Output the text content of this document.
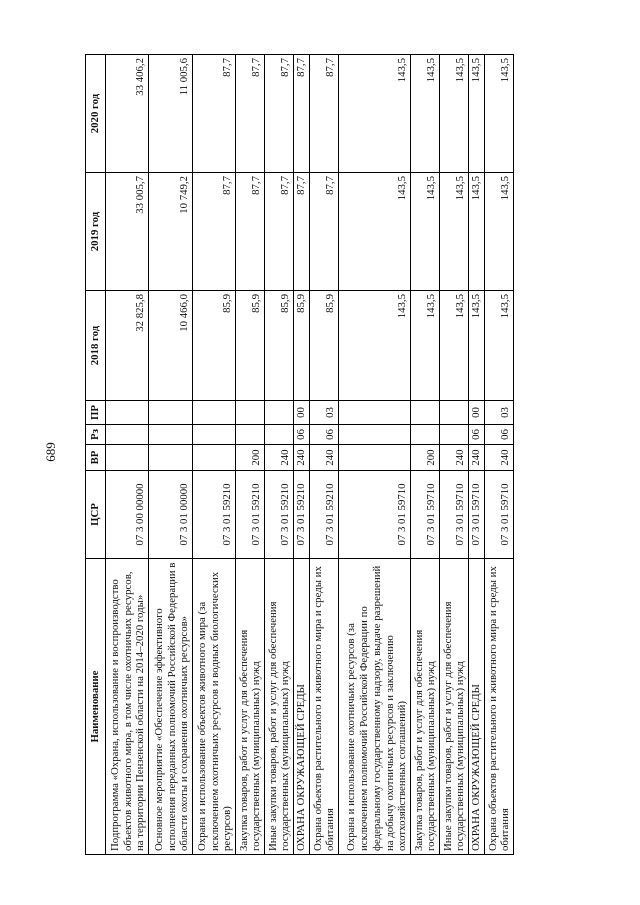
689
Наименование	ЦСР	ВР	Рз	ПР	2018 год	2019 год	2020 год
Подпрограмма «Охрана, использование и воспроизводство объектов животного мира, в том числе охотничьих ресурсов, на территории Пензенской области на 2014–2020 годы»	07 3 00 00000				32 825,8	33 005,7	33 406,2
Основное мероприятие «Обеспечение эффективного исполнения переданных полномочий Российской Федерации в области охоты и сохранения охотничьих ресурсов»	07 3 01 00000				10 466,0	10 749,2	11 005,6
Охрана и использование объектов животного мира (за исключением охотничьих ресурсов и водных биологических ресурсов)	07 3 01 59210				85,9	87,7	87,7
Закупка товаров, работ и услуг для обеспечения государственных (муниципальных) нужд	07 3 01 59210	200			85,9	87,7	87,7
Иные закупки товаров, работ и услуг для обеспечения государственных (муниципальных) нужд	07 3 01 59210	240			85,9	87,7	87,7
ОХРАНА ОКРУЖАЮЩЕЙ СРЕДЫ	07 3 01 59210	240	06	00	85,9	87,7	87,7
Охрана объектов растительного и животного мира и среды их обитания	07 3 01 59210	240	06	03	85,9	87,7	87,7
Охрана и использование охотничьих ресурсов (за исключением полномочий Российской Федерации по федеральному государственному надзору, выдаче разрешений на добычу охотничьих ресурсов и заключению охотхозяйственных соглашений)	07 3 01 59710				143,5	143,5	143,5
Закупка товаров, работ и услуг для обеспечения государственных (муниципальных) нужд	07 3 01 59710	200			143,5	143,5	143,5
Иные закупки товаров, работ и услуг для обеспечения государственных (муниципальных) нужд	07 3 01 59710	240			143,5	143,5	143,5
ОХРАНА ОКРУЖАЮЩЕЙ СРЕДЫ	07 3 01 59710	240	06	00	143,5	143,5	143,5
Охрана объектов растительного и животного мира и среды их обитания	07 3 01 59710	240	06	03	143,5	143,5	143,5
